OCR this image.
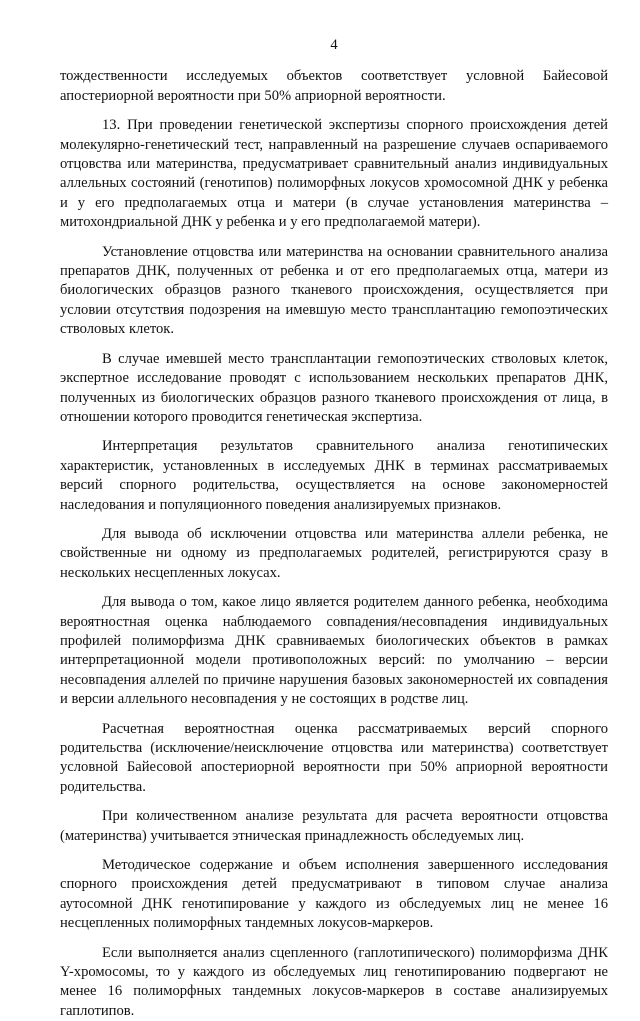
4

тождественности исследуемых объектов соответствует условной Байесовой апостериорной вероятности при 50% априорной вероятности.

13. При проведении генетической экспертизы спорного происхождения детей молекулярно-генетический тест, направленный на разрешение случаев оспариваемого отцовства или материнства, предусматривает сравнительный анализ индивидуальных аллельных состояний (генотипов) полиморфных локусов хромосомной ДНК у ребенка и у его предполагаемых отца и матери (в случае установления материнства – митохондриальной ДНК у ребенка и у его предполагаемой матери).

Установление отцовства или материнства на основании сравнительного анализа препаратов ДНК, полученных от ребенка и от его предполагаемых отца, матери из биологических образцов разного тканевого происхождения, осуществляется при условии отсутствия подозрения на имевшую место трансплантацию гемопоэтических стволовых клеток.

В случае имевшей место трансплантации гемопоэтических стволовых клеток, экспертное исследование проводят с использованием нескольких препаратов ДНК, полученных из биологических образцов разного тканевого происхождения от лица, в отношении которого проводится генетическая экспертиза.

Интерпретация результатов сравнительного анализа генотипических характеристик, установленных в исследуемых ДНК в терминах рассматриваемых версий спорного родительства, осуществляется на основе закономерностей наследования и популяционного поведения анализируемых признаков.

Для вывода об исключении отцовства или материнства аллели ребенка, не свойственные ни одному из предполагаемых родителей, регистрируются сразу в нескольких несцепленных локусах.

Для вывода о том, какое лицо является родителем данного ребенка, необходима вероятностная оценка наблюдаемого совпадения/несовпадения индивидуальных профилей полиморфизма ДНК сравниваемых биологических объектов в рамках интерпретационной модели противоположных версий: по умолчанию – версии несовпадения аллелей по причине нарушения базовых закономерностей их совпадения и версии аллельного несовпадения у не состоящих в родстве лиц.

Расчетная вероятностная оценка рассматриваемых версий спорного родительства (исключение/неисключение отцовства или материнства) соответствует условной Байесовой апостериорной вероятности при 50% априорной вероятности родительства.

При количественном анализе результата для расчета вероятности отцовства (материнства) учитывается этническая принадлежность обследуемых лиц.

Методическое содержание и объем исполнения завершенного исследования спорного происхождения детей предусматривают в типовом случае анализа аутосомной ДНК генотипирование у каждого из обследуемых лиц не менее 16 несцепленных полиморфных тандемных локусов-маркеров.

Если выполняется анализ сцепленного (гаплотипического) полиморфизма ДНК Y-хромосомы, то у каждого из обследуемых лиц генотипированию подвергают не менее 16 полиморфных тандемных локусов-маркеров в составе анализируемых гаплотипов.
